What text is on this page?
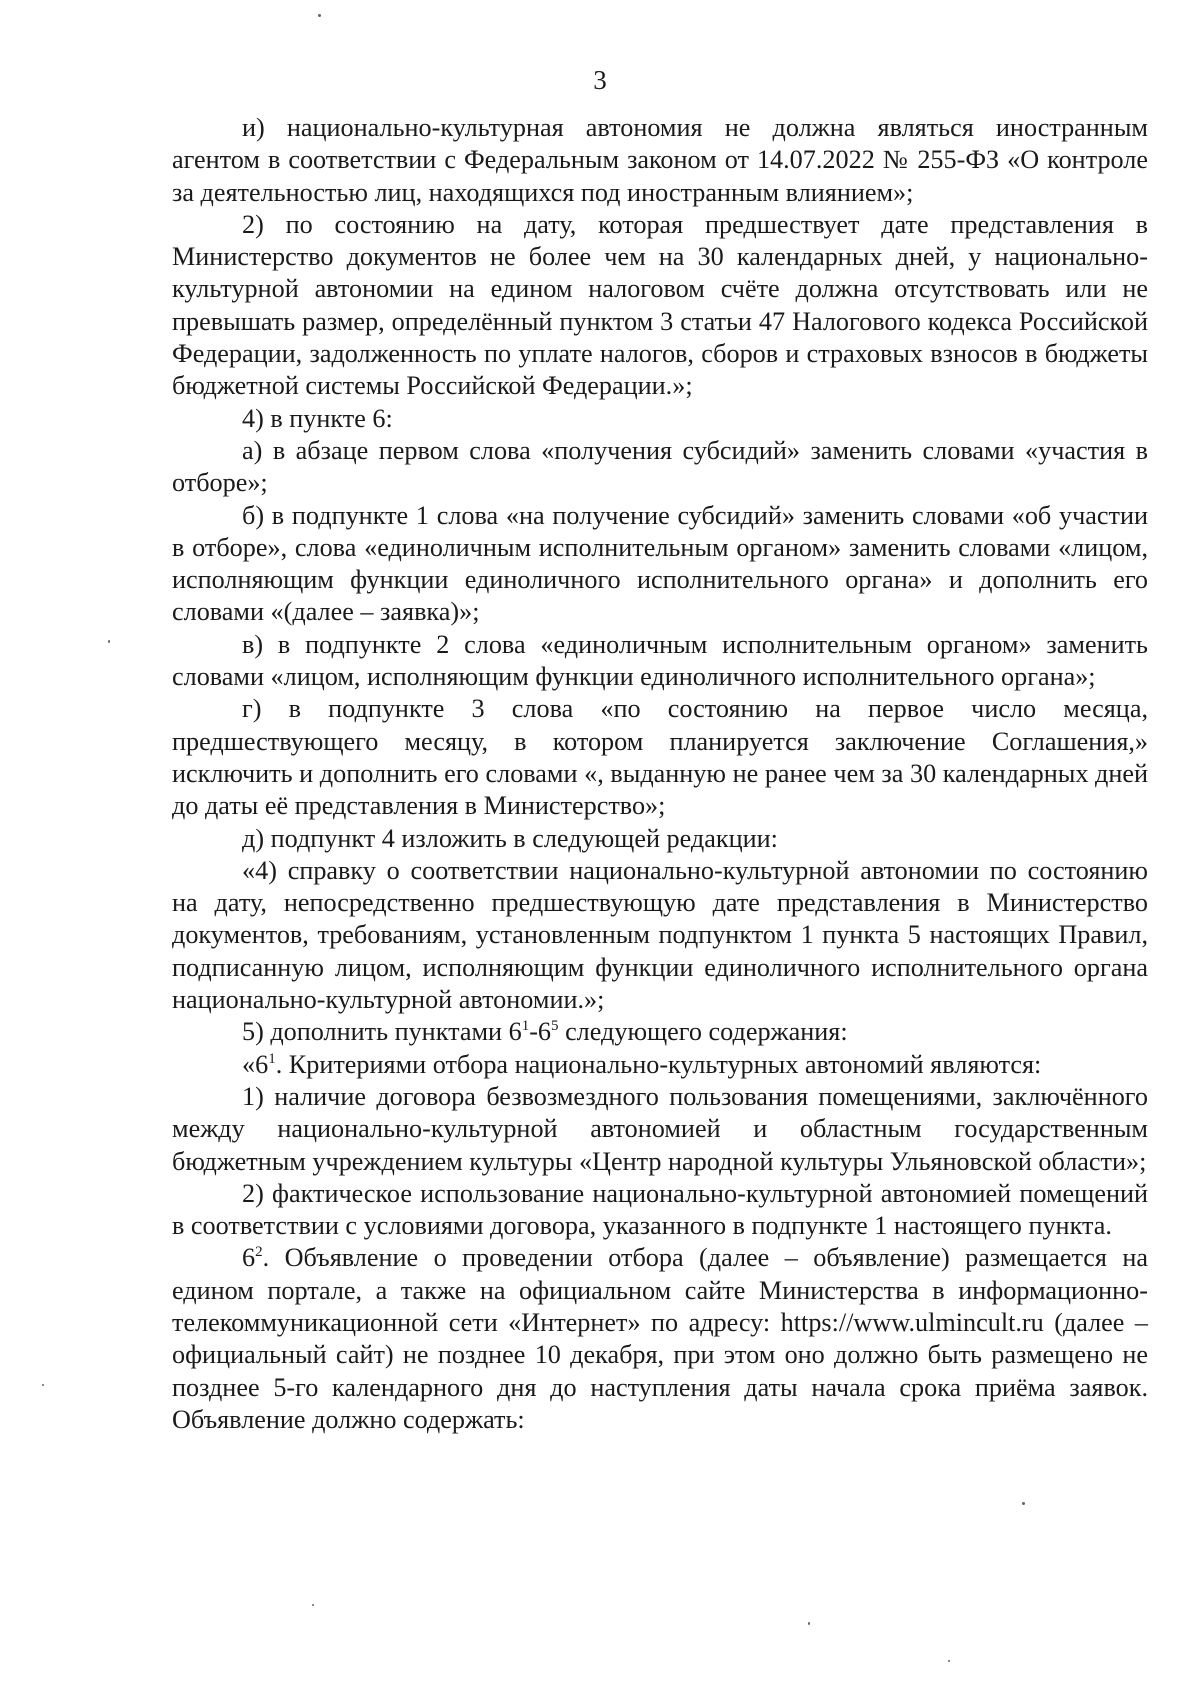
3

и) национально-культурная автономия не должна являться иностранным агентом в соответствии с Федеральным законом от 14.07.2022 № 255-ФЗ «О контроле за деятельностью лиц, находящихся под иностранным влиянием»;

2) по состоянию на дату, которая предшествует дате представления в Министерство документов не более чем на 30 календарных дней, у национально-культурной автономии на едином налоговом счёте должна отсутствовать или не превышать размер, определённый пунктом 3 статьи 47 Налогового кодекса Российской Федерации, задолженность по уплате налогов, сборов и страховых взносов в бюджеты бюджетной системы Российской Федерации.»;

4) в пункте 6:

а) в абзаце первом слова «получения субсидий» заменить словами «участия в отборе»;

б) в подпункте 1 слова «на получение субсидий» заменить словами «об участии в отборе», слова «единоличным исполнительным органом» заменить словами «лицом, исполняющим функции единоличного исполнительного органа» и дополнить его словами «(далее – заявка)»;

в) в подпункте 2 слова «единоличным исполнительным органом» заменить словами «лицом, исполняющим функции единоличного исполнительного органа»;

г) в подпункте 3 слова «по состоянию на первое число месяца, предшествующего месяцу, в котором планируется заключение Соглашения,» исключить и дополнить его словами «, выданную не ранее чем за 30 календарных дней до даты её представления в Министерство»;

д) подпункт 4 изложить в следующей редакции:

«4) справку о соответствии национально-культурной автономии по состоянию на дату, непосредственно предшествующую дате представления в Министерство документов, требованиям, установленным подпунктом 1 пункта 5 настоящих Правил, подписанную лицом, исполняющим функции единоличного исполнительного органа национально-культурной автономии.»;

5) дополнить пунктами $6^1-6^5$ следующего содержания:

«$6^1$. Критериями отбора национально-культурных автономий являются:

1) наличие договора безвозмездного пользования помещениями, заключённого между национально-культурной автономией и областным государственным бюджетным учреждением культуры «Центр народной культуры Ульяновской области»;

2) фактическое использование национально-культурной автономией помещений в соответствии с условиями договора, указанного в подпункте 1 настоящего пункта.

$6^2$. Объявление о проведении отбора (далее – объявление) размещается на едином портале, а также на официальном сайте Министерства в информационно-телекоммуникационной сети «Интернет» по адресу: https://www.ulmincult.ru (далее – официальный сайт) не позднее 10 декабря, при этом оно должно быть размещено не позднее 5-го календарного дня до наступления даты начала срока приёма заявок. Объявление должно содержать:
